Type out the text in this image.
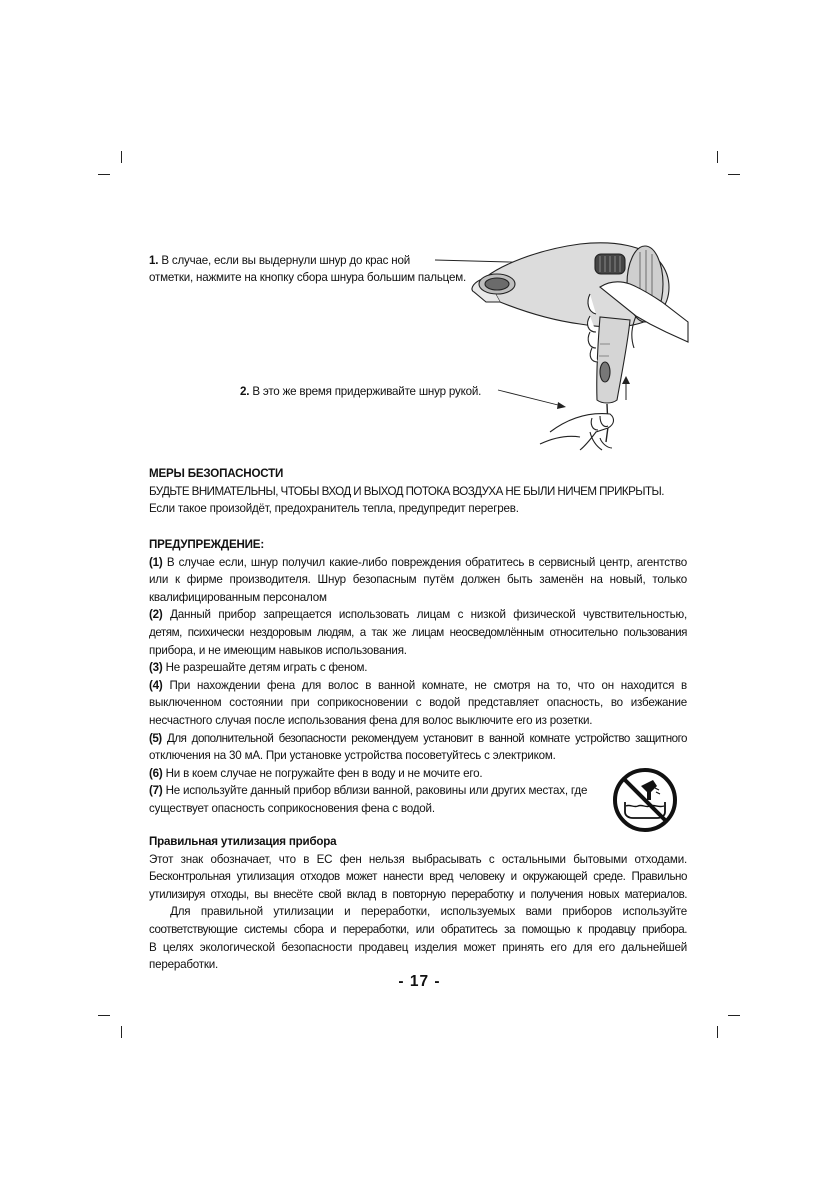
1. В случае, если вы выдернули шнур до крас ной
отметки, нажмите на кнопку сбора шнура большим пальцем.
2. В это же время придерживайте шнур рукой.
МЕРЫ БЕЗОПАСНОСТИ
БУДЬТЕ ВНИМАТЕЛЬНЫ, ЧТОБЫ ВХОД И ВЫХОД ПОТОКА ВОЗДУХА НЕ БЫЛИ НИЧЕМ ПРИКРЫТЫ.
Если такое произойдёт, предохранитель тепла, предупредит перегрев.
ПРЕДУПРЕЖДЕНИЕ:
(1) В случае если, шнур получил какие-либо повреждения обратитесь в сервисный центр, агентство
или к фирме производителя. Шнур безопасным путём должен быть заменён на новый, только
квалифицированным персоналом
(2) Данный прибор запрещается использовать лицам с низкой физической чувствительностью,
детям, психически нездоровым людям, а так же лицам неосведомлённым относительно пользования
прибора, и не имеющим навыков использования.
(3) Не разрешайте детям играть с феном.
(4) При нахождении фена для волос в ванной комнате, не смотря на то, что он находится в
выключенном состоянии при соприкосновении с водой представляет опасность, во избежание
несчастного случая после использования фена для волос выключите его из розетки.
(5) Для дополнительной безопасности рекомендуем установит в ванной комнате устройство защитного
отключения на 30 мА. При установке устройства посоветуйтесь с электриком.
(6) Ни в коем случае не погружайте фен в воду и не мочите его.
(7) Не используйте данный прибор вблизи ванной, раковины или других местах, где
существует опасность соприкосновения фена с водой.
Правильная утилизация прибора
Этот знак обозначает, что в ЕС фен нельзя выбрасывать с остальными бытовыми отходами.
Бесконтрольная утилизация отходов может нанести вред человеку и окружающей среде. Правильно
утилизируя отходы, вы внесёте свой вклад в повторную переработку и получения новых материалов.
Для правильной утилизации и переработки, используемых вами приборов используйте
соответствующие системы сбора и переработки, или обратитесь за помощью к продавцу прибора.
В целях экологической безопасности продавец изделия может принять его для его дальнейшей
переработки.
- 17 -
